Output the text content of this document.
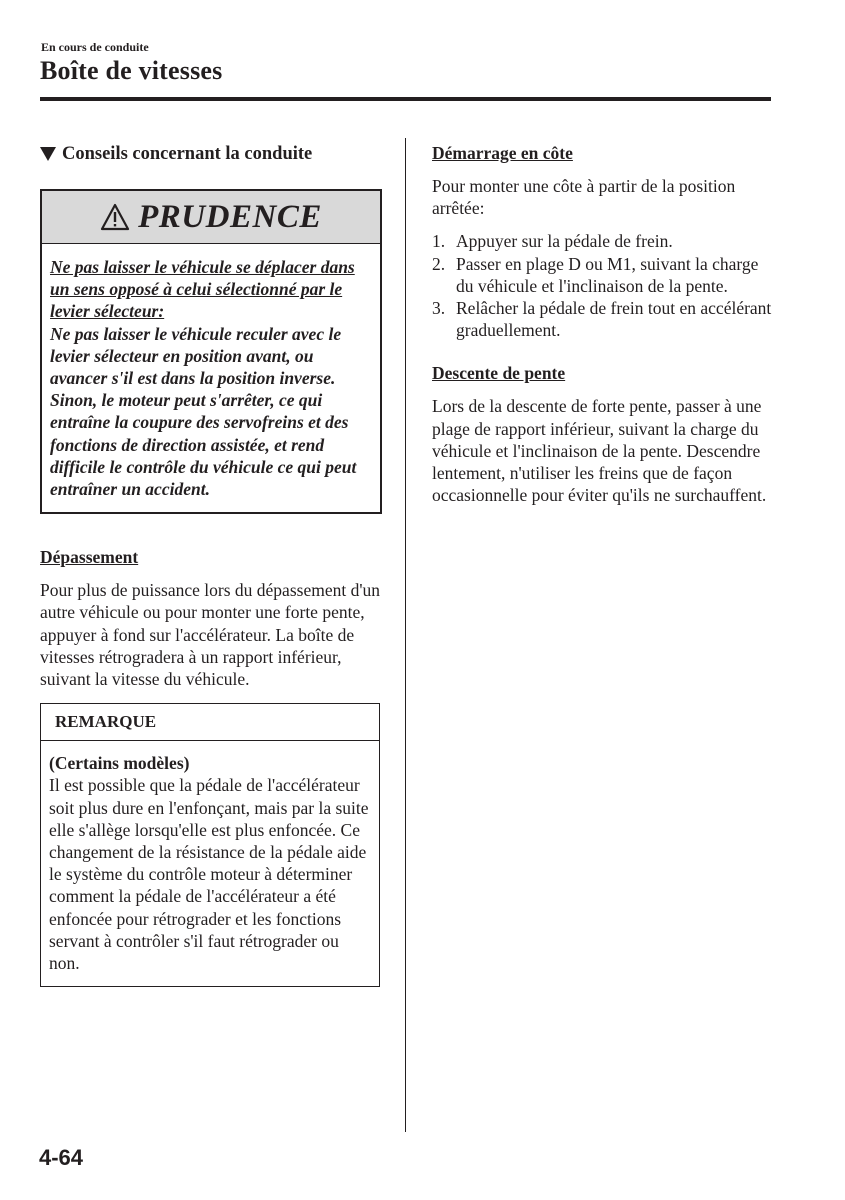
En cours de conduite
Boîte de vitesses
Conseils concernant la conduite
PRUDENCE
Ne pas laisser le véhicule se déplacer dans un sens opposé à celui sélectionné par le levier sélecteur:
Ne pas laisser le véhicule reculer avec le levier sélecteur en position avant, ou avancer s'il est dans la position inverse. Sinon, le moteur peut s'arrêter, ce qui entraîne la coupure des servofreins et des fonctions de direction assistée, et rend difficile le contrôle du véhicule ce qui peut entraîner un accident.
Dépassement
Pour plus de puissance lors du dépassement d'un autre véhicule ou pour monter une forte pente, appuyer à fond sur l'accélérateur. La boîte de vitesses rétrogradera à un rapport inférieur, suivant la vitesse du véhicule.
REMARQUE
(Certains modèles)
Il est possible que la pédale de l'accélérateur soit plus dure en l'enfonçant, mais par la suite elle s'allège lorsqu'elle est plus enfoncée. Ce changement de la résistance de la pédale aide le système du contrôle moteur à déterminer comment la pédale de l'accélérateur a été enfoncée pour rétrograder et les fonctions servant à contrôler s'il faut rétrograder ou non.
Démarrage en côte
Pour monter une côte à partir de la position arrêtée:
1. Appuyer sur la pédale de frein.
2. Passer en plage D ou M1, suivant la charge du véhicule et l'inclinaison de la pente.
3. Relâcher la pédale de frein tout en accélérant graduellement.
Descente de pente
Lors de la descente de forte pente, passer à une plage de rapport inférieur, suivant la charge du véhicule et l'inclinaison de la pente. Descendre lentement, n'utiliser les freins que de façon occasionnelle pour éviter qu'ils ne surchauffent.
4-64
